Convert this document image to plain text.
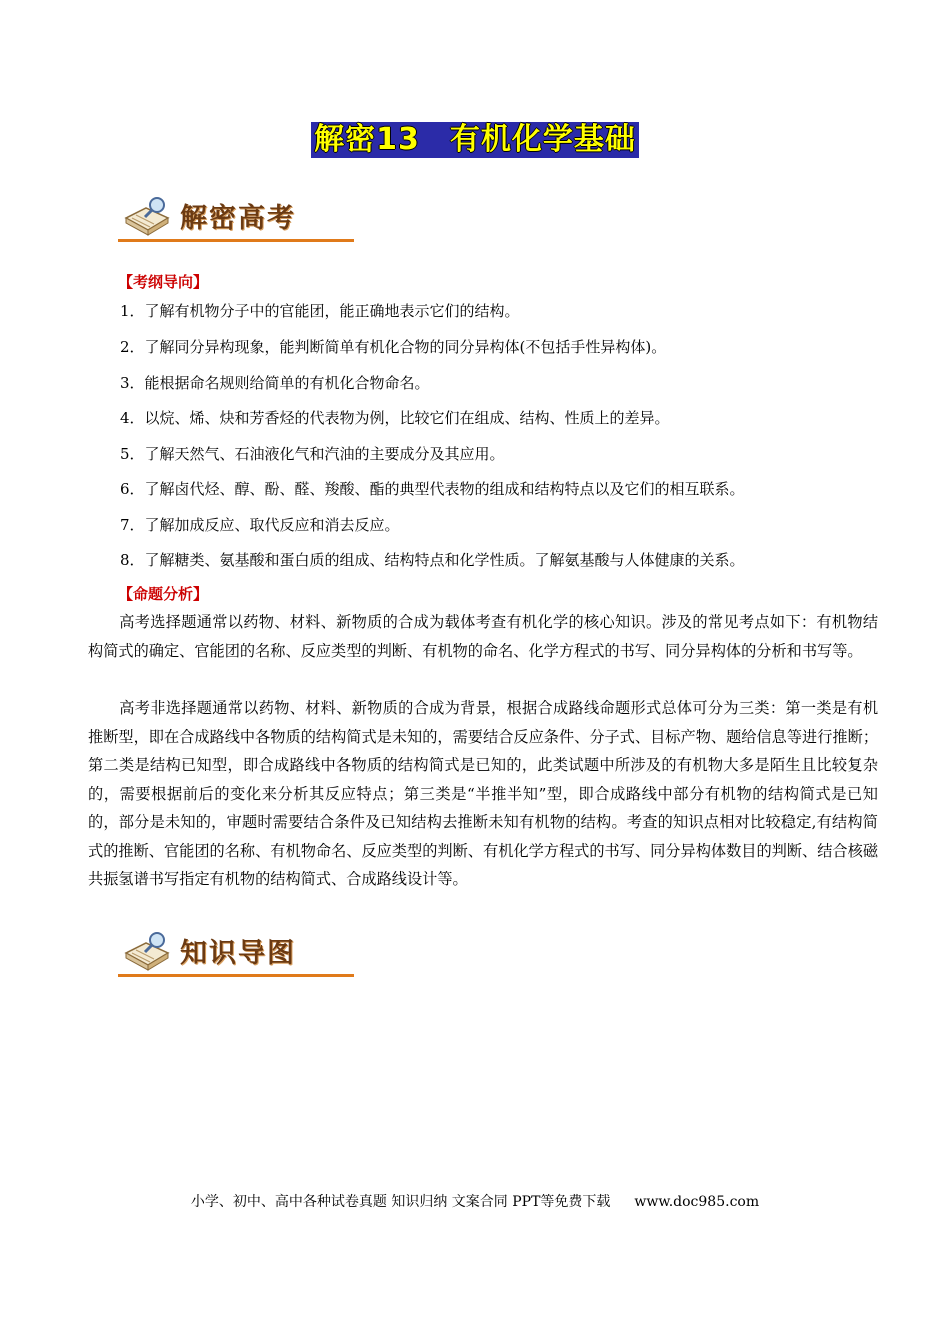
解密13 有机化学基础
解密高考
【考纲导向】
1．了解有机物分子中的官能团，能正确地表示它们的结构。
2．了解同分异构现象，能判断简单有机化合物的同分异构体(不包括手性异构体)。
3．能根据命名规则给简单的有机化合物命名。
4．以烷、烯、炔和芳香烃的代表物为例，比较它们在组成、结构、性质上的差异。
5．了解天然气、石油液化气和汽油的主要成分及其应用。
6．了解卤代烃、醇、酚、醛、羧酸、酯的典型代表物的组成和结构特点以及它们的相互联系。
7．了解加成反应、取代反应和消去反应。
8．了解糖类、氨基酸和蛋白质的组成、结构特点和化学性质。了解氨基酸与人体健康的关系。
【命题分析】
高考选择题通常以药物、材料、新物质的合成为载体考查有机化学的核心知识。涉及的常见考点如下：有机物结构简式的确定、官能团的名称、反应类型的判断、有机物的命名、化学方程式的书写、同分异构体的分析和书写等。
高考非选择题通常以药物、材料、新物质的合成为背景，根据合成路线命题形式总体可分为三类：第一类是有机推断型，即在合成路线中各物质的结构简式是未知的，需要结合反应条件、分子式、目标产物、题给信息等进行推断；第二类是结构已知型，即合成路线中各物质的结构简式是已知的，此类试题中所涉及的有机物大多是陌生且比较复杂的，需要根据前后的变化来分析其反应特点；第三类是“半推半知”型，即合成路线中部分有机物的结构简式是已知的，部分是未知的，审题时需要结合条件及已知结构去推断未知有机物的结构。考查的知识点相对比较稳定,有结构简式的推断、官能团的名称、有机物命名、反应类型的判断、有机化学方程式的书写、同分异构体数目的判断、结合核磁共振氢谱书写指定有机物的结构简式、合成路线设计等。
知识导图
小学、初中、高中各种试卷真题 知识归纳 文案合同 PPT等免费下载 www.doc985.com
